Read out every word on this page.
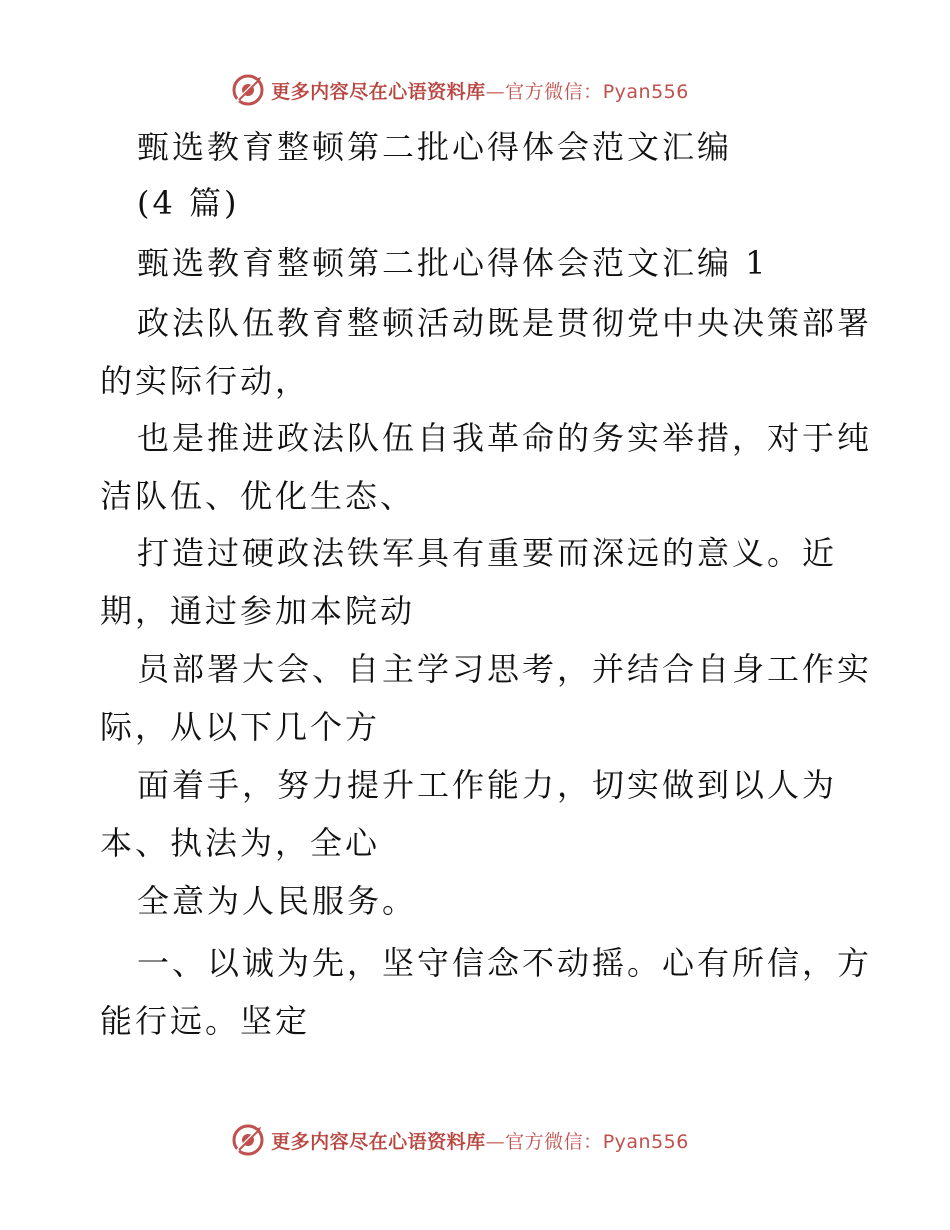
更多内容尽在心语资料库—官方微信：Pyan556
甄选教育整顿第二批心得体会范文汇编
(4 篇)
甄选教育整顿第二批心得体会范文汇编 1
政法队伍教育整顿活动既是贯彻党中央决策部署
的实际行动，
也是推进政法队伍自我革命的务实举措，对于纯
洁队伍、优化生态、
打造过硬政法铁军具有重要而深远的意义。近
期，通过参加本院动
员部署大会、自主学习思考，并结合自身工作实
际，从以下几个方
面着手，努力提升工作能力，切实做到以人为
本、执法为，全心
全意为人民服务。
一、以诚为先，坚守信念不动摇。心有所信，方
能行远。坚定
更多内容尽在心语资料库—官方微信：Pyan556
